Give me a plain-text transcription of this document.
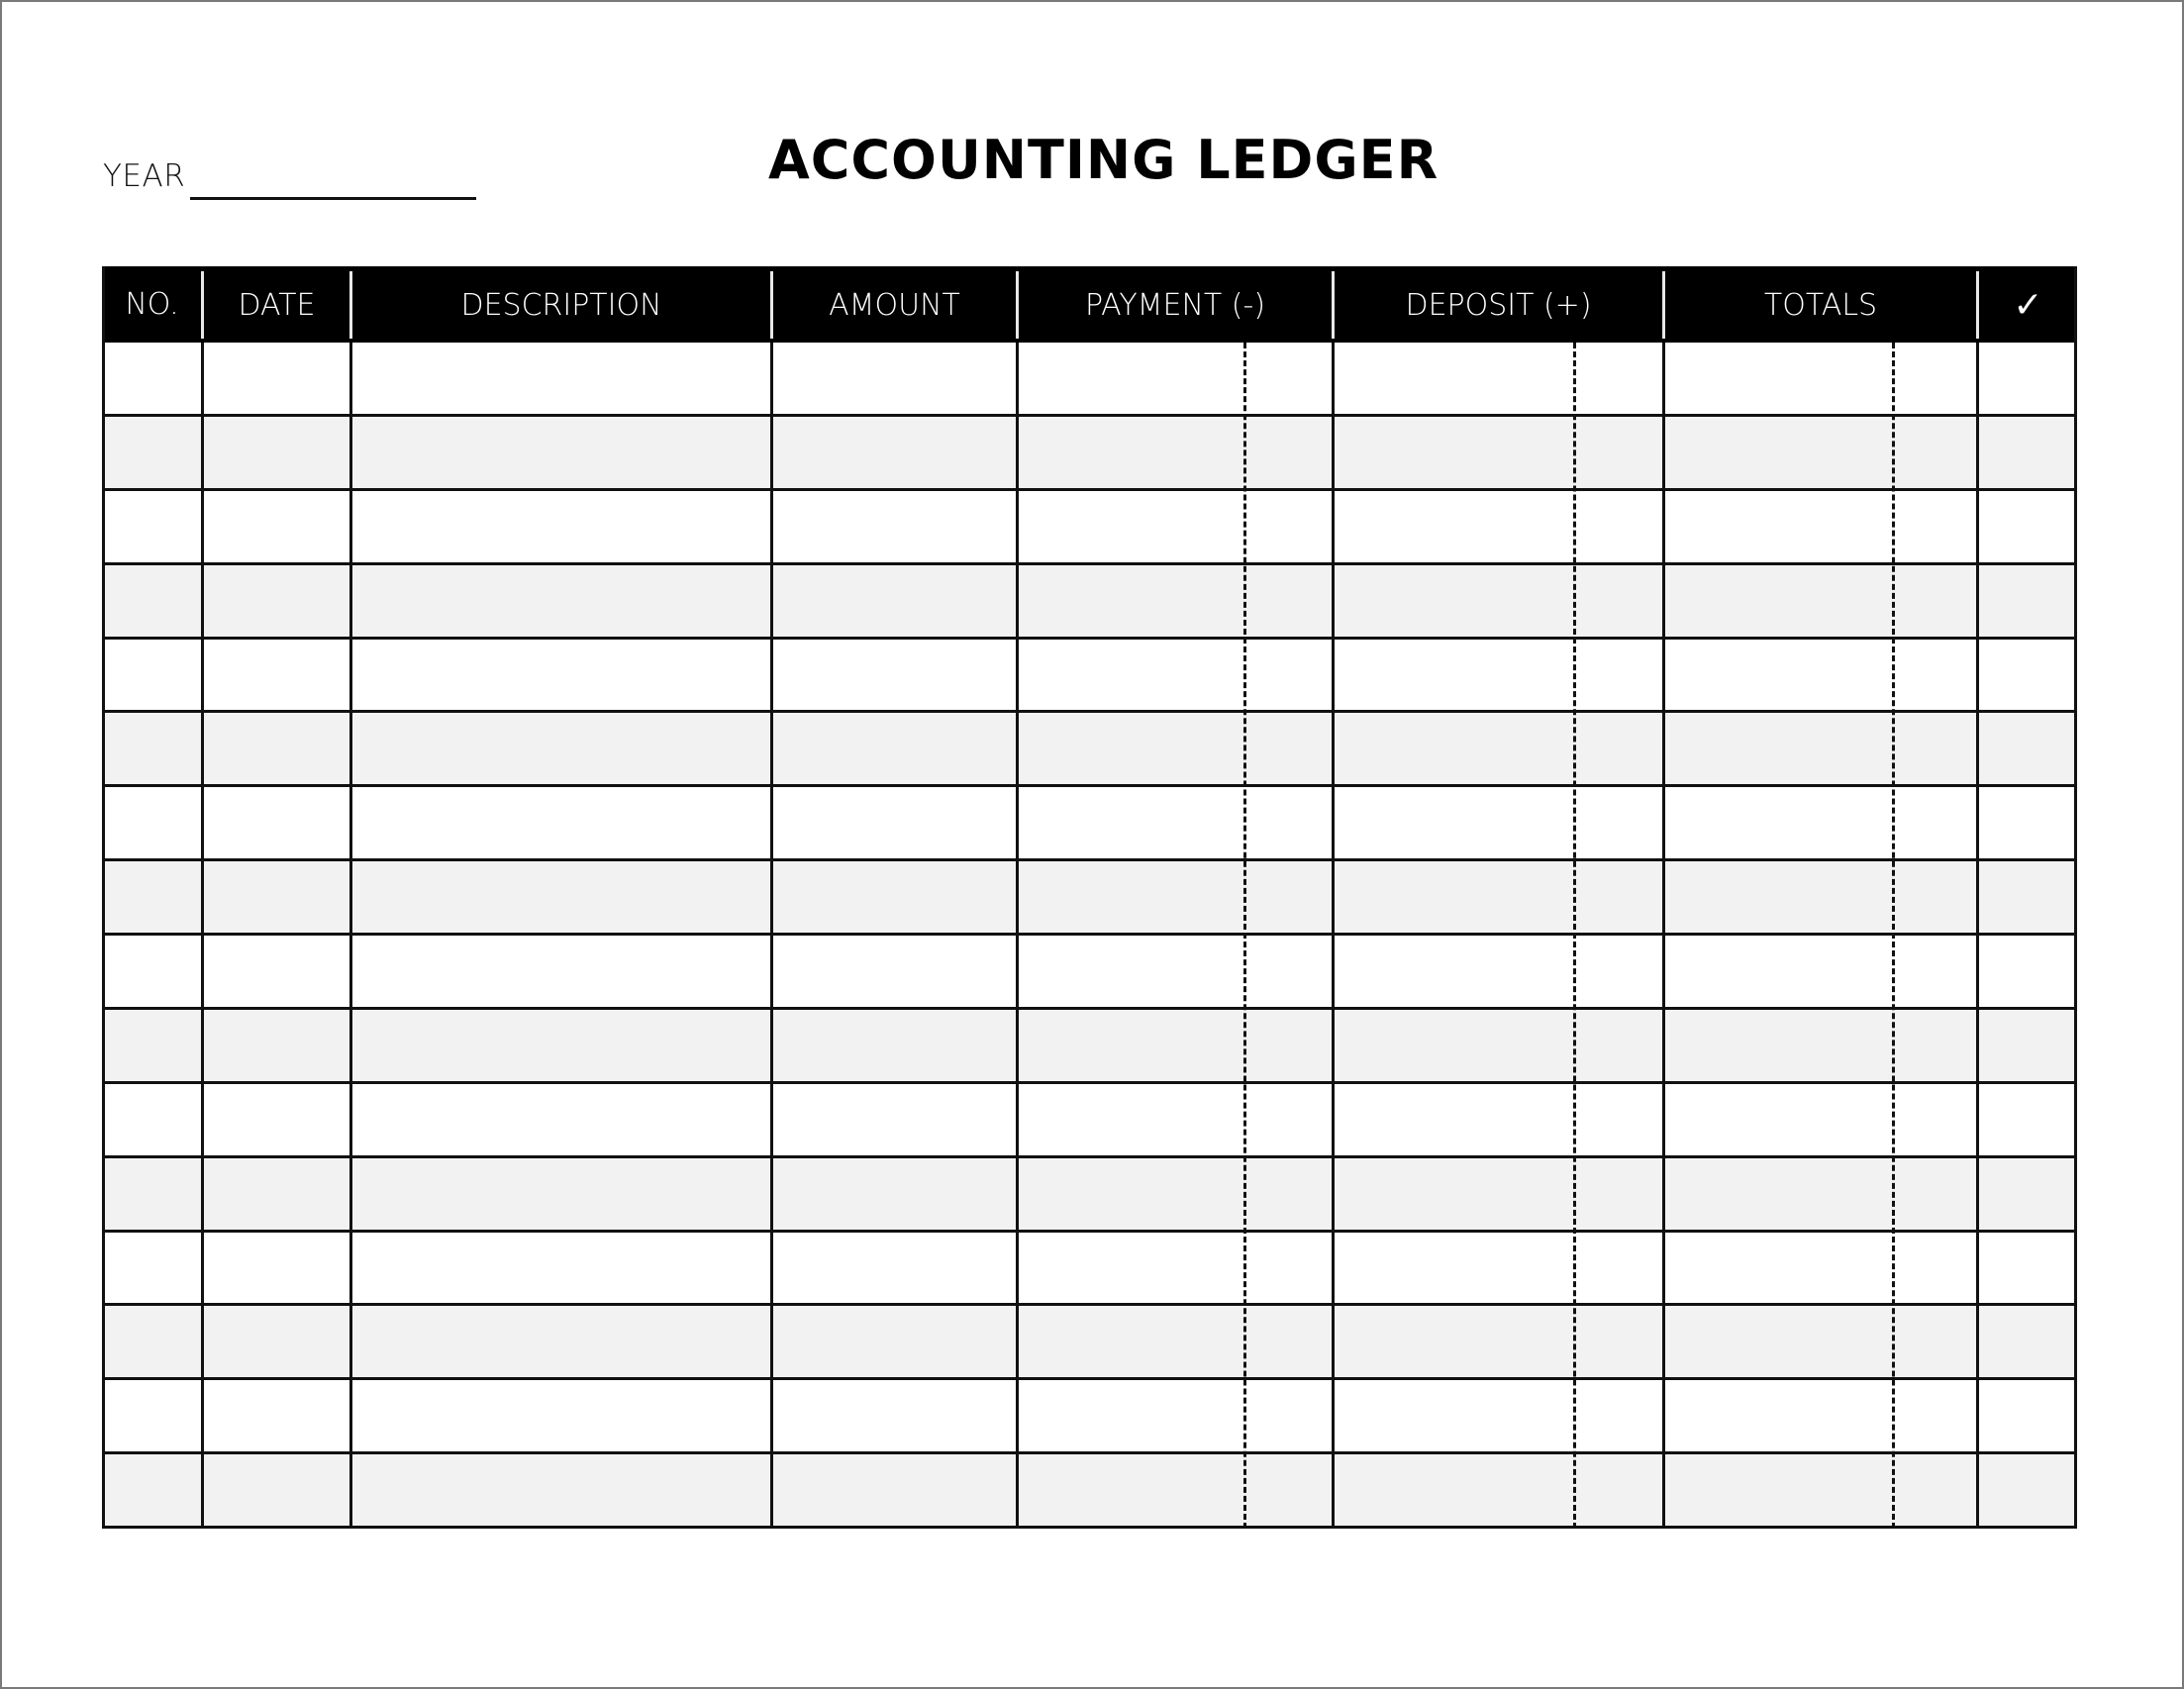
YEAR	ACCOUNTING LEDGER
NO.	DATE	DESCRIPTION	AMOUNT	PAYMENT (-)	DEPOSIT (+)	TOTALS	✓
